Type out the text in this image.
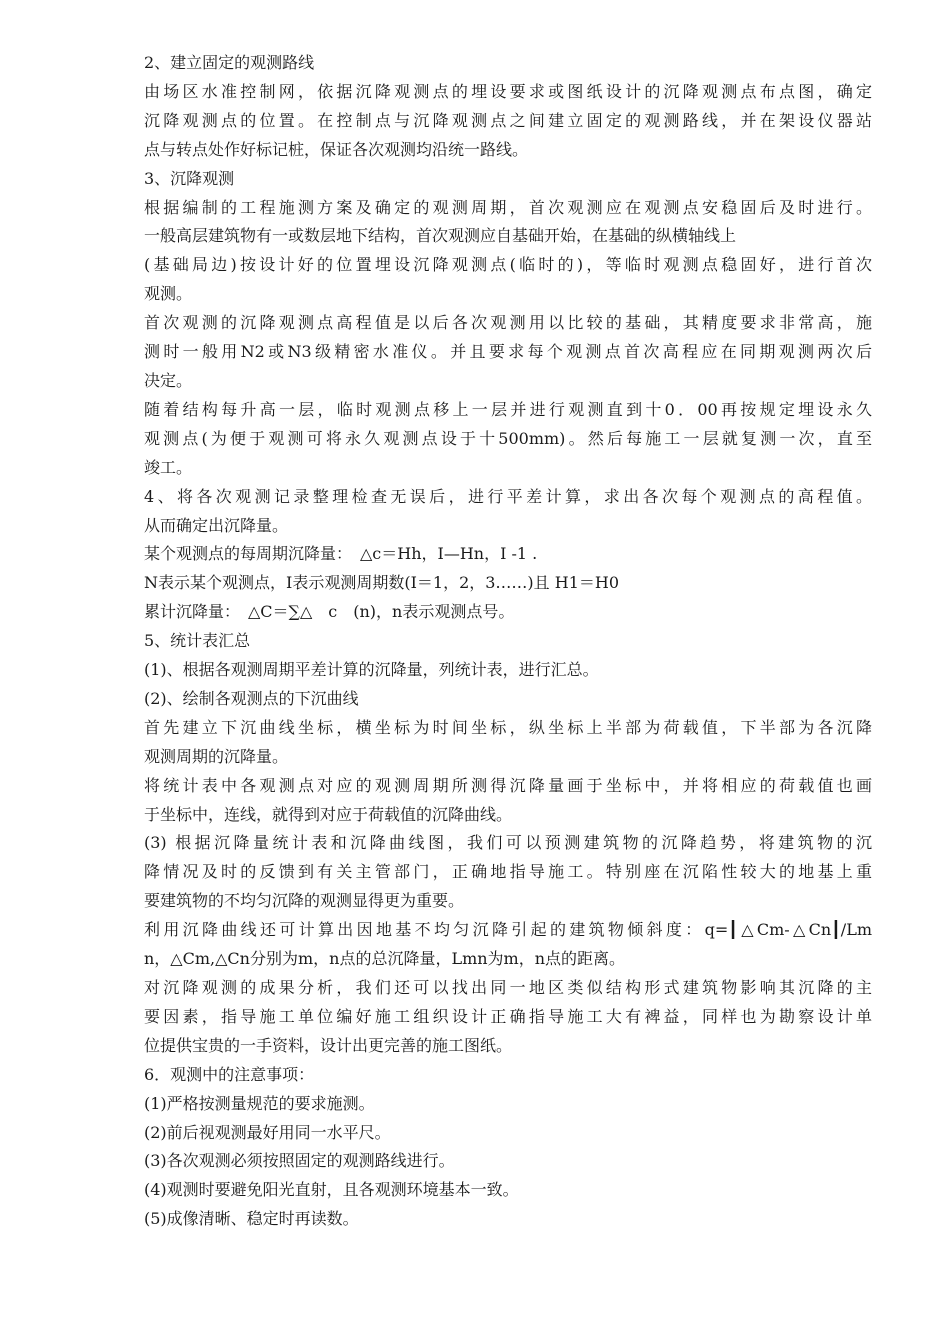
2、建立固定的观测路线
由场区水准控制网，依据沉降观测点的埋设要求或图纸设计的沉降观测点布点图，确定
沉降观测点的位置。在控制点与沉降观测点之间建立固定的观测路线，并在架设仪器站
点与转点处作好标记桩，保证各次观测均沿统一路线。
3、沉降观测
根据编制的工程施测方案及确定的观测周期，首次观测应在观测点安稳固后及时进行。
一般高层建筑物有一或数层地下结构，首次观测应自基础开始，在基础的纵横轴线上
(基础局边)按设计好的位置埋设沉降观测点(临时的)，等临时观测点稳固好，进行首次
观测。
首次观测的沉降观测点高程值是以后各次观测用以比较的基础，其精度要求非常高，施
测时一般用N2或N3级精密水准仪。并且要求每个观测点首次高程应在同期观测两次后
决定。
随着结构每升高一层，临时观测点移上一层并进行观测直到十0．00再按规定埋设永久
观测点(为便于观测可将永久观测点设于十500mm)。然后每施工一层就复测一次，直至
竣工。
4、将各次观测记录整理检查无误后，进行平差计算，求出各次每个观测点的高程值。
从而确定出沉降量。
某个观测点的每周期沉降量：　△c＝Hh，I—Hn，I -1 .
N表示某个观测点，I表示观测周期数(I＝1，2，3……)且 H1＝H0
累计沉降量：　△C＝∑△　c　(n)，n表示观测点号。
5、统计表汇总
(1)、根据各观测周期平差计算的沉降量，列统计表，进行汇总。
(2)、绘制各观测点的下沉曲线
首先建立下沉曲线坐标，横坐标为时间坐标，纵坐标上半部为荷载值，下半部为各沉降
观测周期的沉降量。
将统计表中各观测点对应的观测周期所测得沉降量画于坐标中，并将相应的荷载值也画
于坐标中，连线，就得到对应于荷载值的沉降曲线。
(3) 根据沉降量统计表和沉降曲线图，我们可以预测建筑物的沉降趋势，将建筑物的沉
降情况及时的反馈到有关主管部门，正确地指导施工。特别座在沉陷性较大的地基上重
要建筑物的不均匀沉降的观测显得更为重要。
利用沉降曲线还可计算出因地基不均匀沉降引起的建筑物倾斜度：q=┃△Cm-△Cn┃/Lm
n，△Cm,△Cn分别为m，n点的总沉降量，Lmn为m，n点的距离。
对沉降观测的成果分析，我们还可以找出同一地区类似结构形式建筑物影响其沉降的主
要因素，指导施工单位编好施工组织设计正确指导施工大有裨益，同样也为勘察设计单
位提供宝贵的一手资料，设计出更完善的施工图纸。
6．观测中的注意事项：
(1)严格按测量规范的要求施测。
(2)前后视观测最好用同一水平尺。
(3)各次观测必须按照固定的观测路线进行。
(4)观测时要避免阳光直射，且各观测环境基本一致。
(5)成像清晰、稳定时再读数。
